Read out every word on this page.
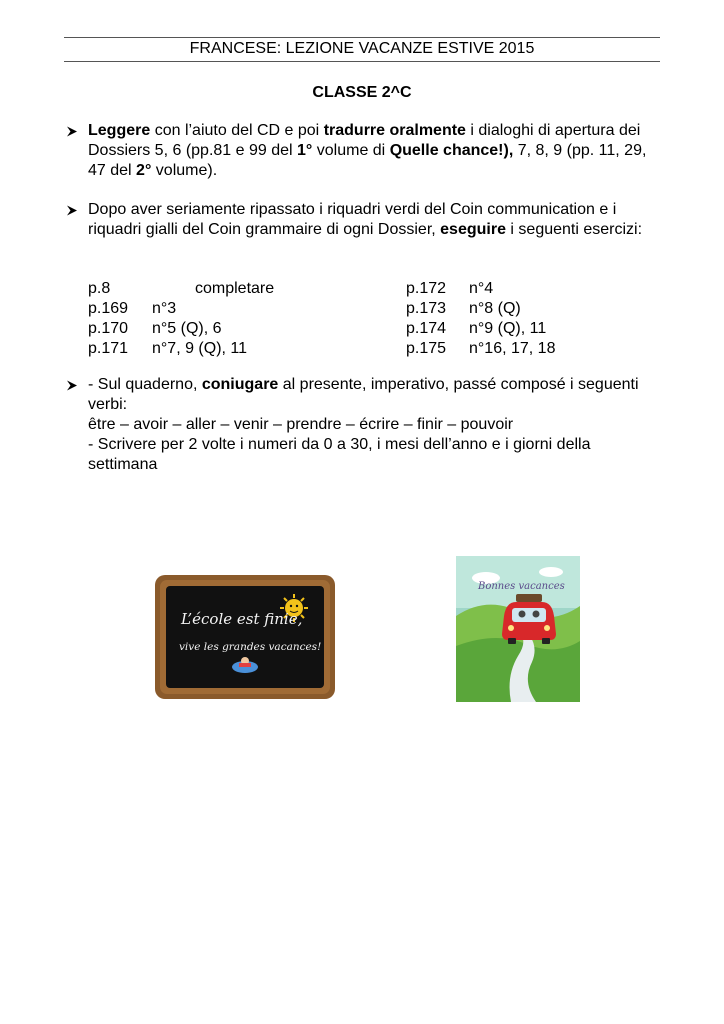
FRANCESE: LEZIONE VACANZE ESTIVE 2015
CLASSE 2^C
Leggere con l’aiuto del CD e poi tradurre oralmente i dialoghi di apertura dei Dossiers 5, 6 (pp.81 e 99 del 1° volume di Quelle chance!), 7, 8, 9 (pp. 11, 29, 47 del 2° volume).
Dopo aver seriamente ripassato i riquadri verdi del Coin communication e i riquadri gialli del Coin grammaire di ogni Dossier, eseguire i seguenti esercizi:
p.8	completare
p.169 n°3
p.170 n°5 (Q), 6
p.171 n°7, 9 (Q), 11
p.172 n°4
p.173 n°8 (Q)
p.174 n°9 (Q), 11
p.175 n°16, 17, 18
- Sul quaderno, coniugare al presente, imperativo, passé composé i seguenti verbi:
être – avoir – aller – venir – prendre – écrire – finir – pouvoir
- Scrivere per 2 volte i numeri da 0 a 30, i mesi dell’anno e i giorni della settimana
L’école est finie,
vive les grandes vacances!
Bonnes vacances
